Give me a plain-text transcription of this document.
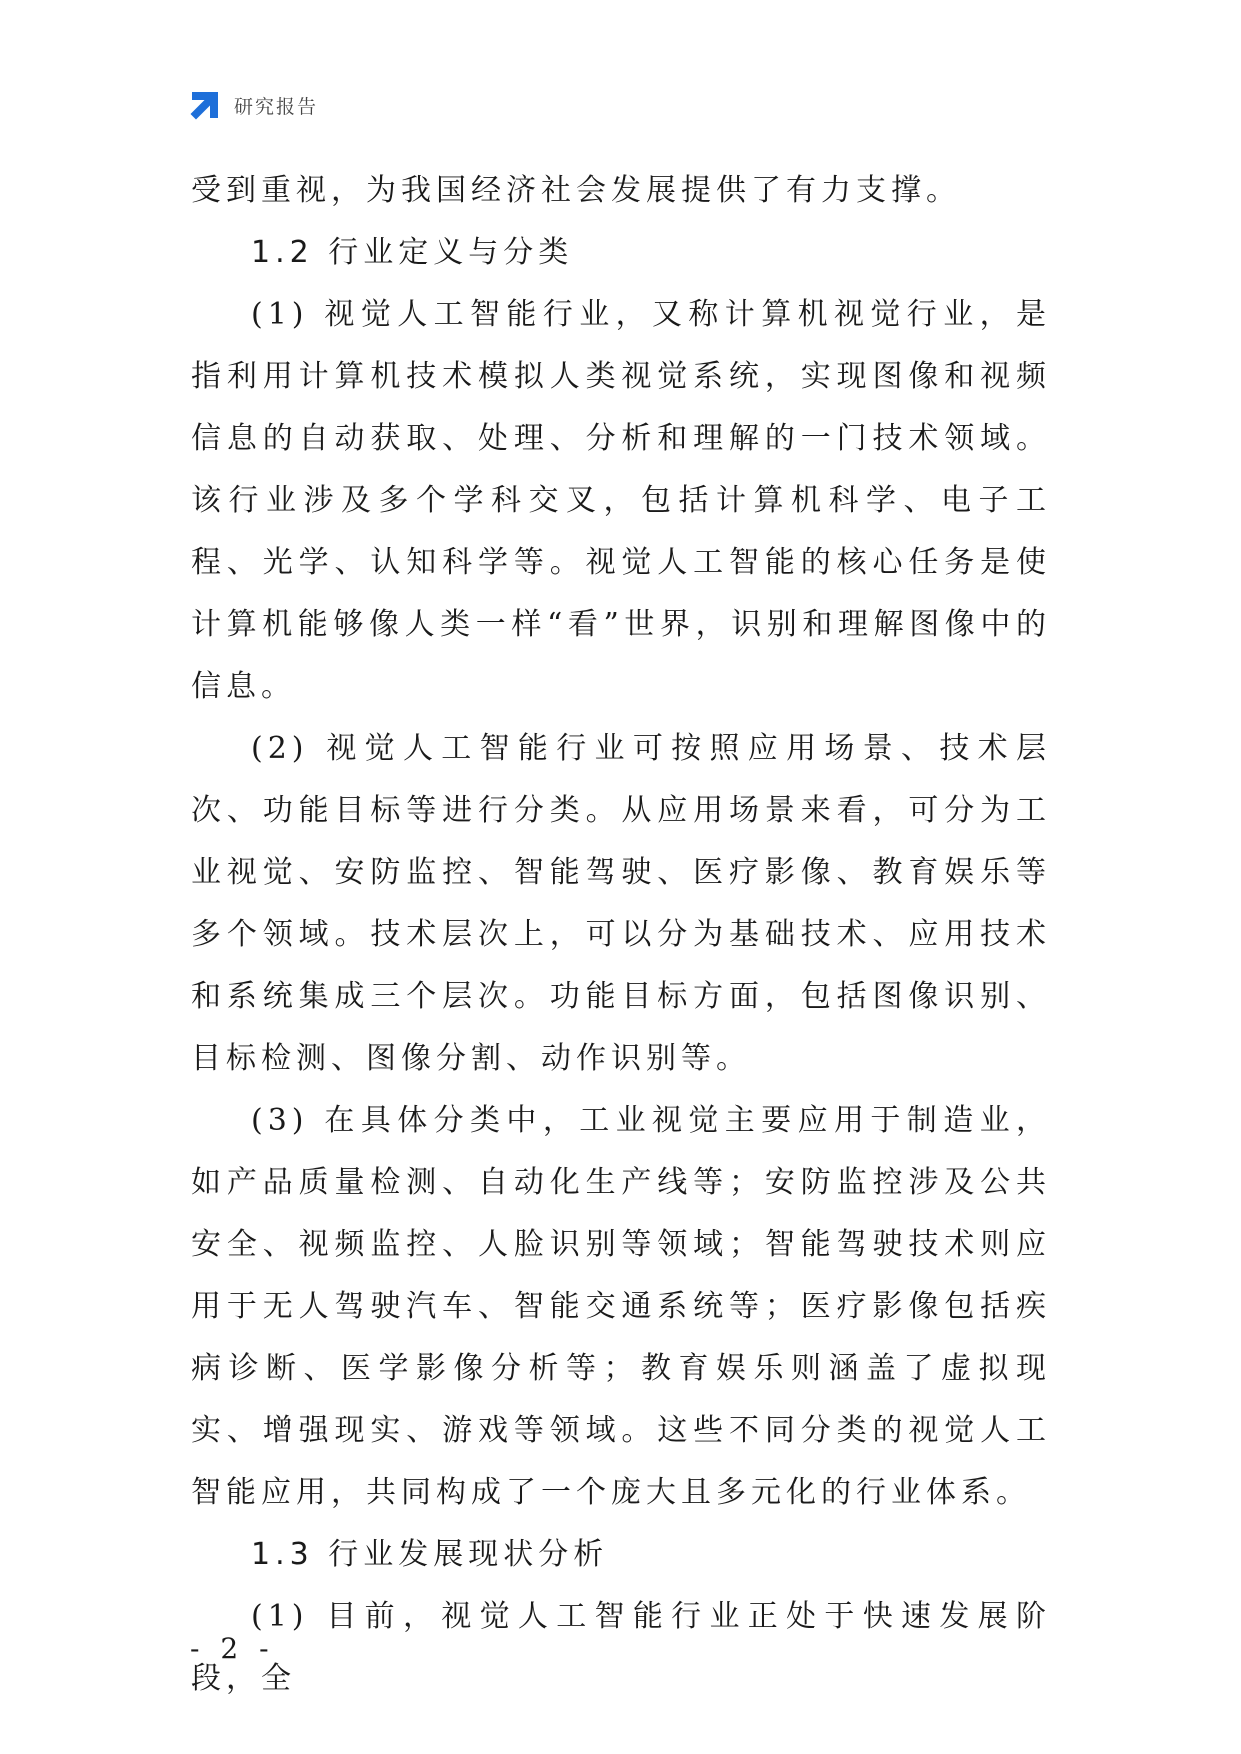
研究报告

受到重视，为我国经济社会发展提供了有力支撑。

1.2 行业定义与分类

(1) 视觉人工智能行业，又称计算机视觉行业，是指利用计算机技术模拟人类视觉系统，实现图像和视频信息的自动获取、处理、分析和理解的一门技术领域。该行业涉及多个学科交叉，包括计算机科学、电子工程、光学、认知科学等。视觉人工智能的核心任务是使计算机能够像人类一样“看”世界，识别和理解图像中的信息。

(2) 视觉人工智能行业可按照应用场景、技术层次、功能目标等进行分类。从应用场景来看，可分为工业视觉、安防监控、智能驾驶、医疗影像、教育娱乐等多个领域。技术层次上，可以分为基础技术、应用技术和系统集成三个层次。功能目标方面，包括图像识别、目标检测、图像分割、动作识别等。

(3) 在具体分类中，工业视觉主要应用于制造业，如产品质量检测、自动化生产线等；安防监控涉及公共安全、视频监控、人脸识别等领域；智能驾驶技术则应用于无人驾驶汽车、智能交通系统等；医疗影像包括疾病诊断、医学影像分析等；教育娱乐则涵盖了虚拟现实、增强现实、游戏等领域。这些不同分类的视觉人工智能应用，共同构成了一个庞大且多元化的行业体系。

1.3 行业发展现状分析

(1) 目前，视觉人工智能行业正处于快速发展阶段，全

- 2 -
